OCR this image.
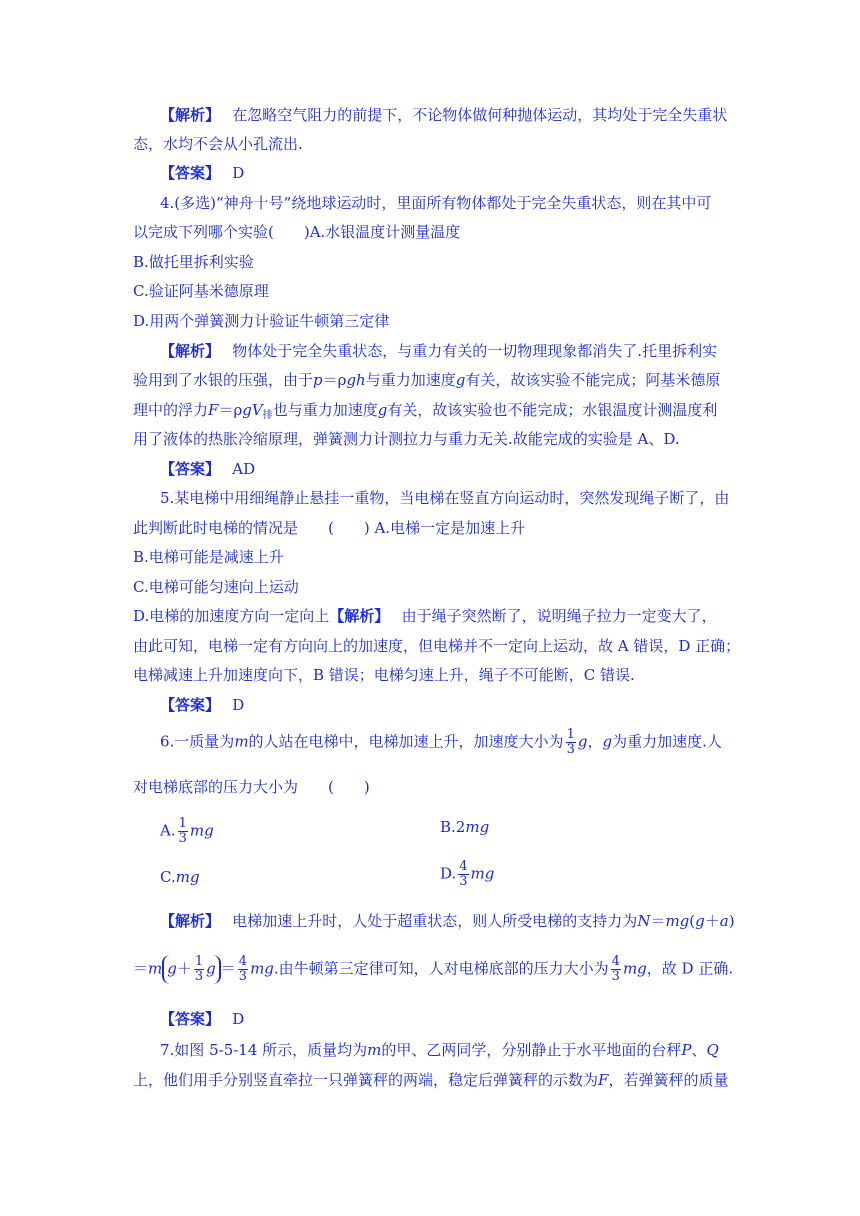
【解析】　 在忽略空气阻力的前提下，不论物体做何种抛体运动，其均处于完全失重状
态，水均不会从小孔流出.
【答案】　 D
4.(多选)“神舟十号”绕地球运动时，里面所有物体都处于完全失重状态，则在其中可
以完成下列哪个实验(　　)A.水银温度计测量温度
B.做托里拆利实验
C.验证阿基米德原理
D.用两个弹簧测力计验证牛顿第三定律
【解析】　 物体处于完全失重状态，与重力有关的一切物理现象都消失了.托里拆利实
验用到了水银的压强，由于p＝ρgh与重力加速度g有关，故该实验不能完成；阿基米德原
理中的浮力F＝ρgV$_排$也与重力加速度g有关，故该实验也不能完成；水银温度计测温度利
用了液体的热胀冷缩原理，弹簧测力计测拉力与重力无关.故能完成的实验是 A、D.
【答案】　 AD
5.某电梯中用细绳静止悬挂一重物，当电梯在竖直方向运动时，突然发现绳子断了，由
此判断此时电梯的情况是　　(　　) A.电梯一定是加速上升
B.电梯可能是减速上升
C.电梯可能匀速向上运动
D.电梯的加速度方向一定向上【解析】　 由于绳子突然断了，说明绳子拉力一定变大了，
由此可知，电梯一定有方向向上的加速度，但电梯并不一定向上运动，故 A 错误，D 正确；
电梯减速上升加速度向下，B 错误；电梯匀速上升，绳子不可能断，C 错误.
【答案】　 D
6.一质量为m的人站在电梯中，电梯加速上升，加速度大小为 $\frac{1}{3}$ g，g为重力加速度.人
对电梯底部的压力大小为　　(　　)
A. $\frac{1}{3}$ mg	B.2mg
C.mg	D. $\frac{4}{3}$ mg
【解析】　 电梯加速上升时，人处于超重状态，则人所受电梯的支持力为N＝mg(g＋a)
＝m $g+ \frac{1}{3}$ $g = \frac{4}{3}$ mg.由牛顿第三定律可知，人对电梯底部的压力大小为 $\frac{4}{3}$ mg，故 D 正确.
【答案】　 D
7.如图 5-5-14 所示，质量均为m的甲、乙两同学，分别静止于水平地面的台秤P、Q
上，他们用手分别竖直牵拉一只弹簧秤的两端，稳定后弹簧秤的示数为F，若弹簧秤的质量
